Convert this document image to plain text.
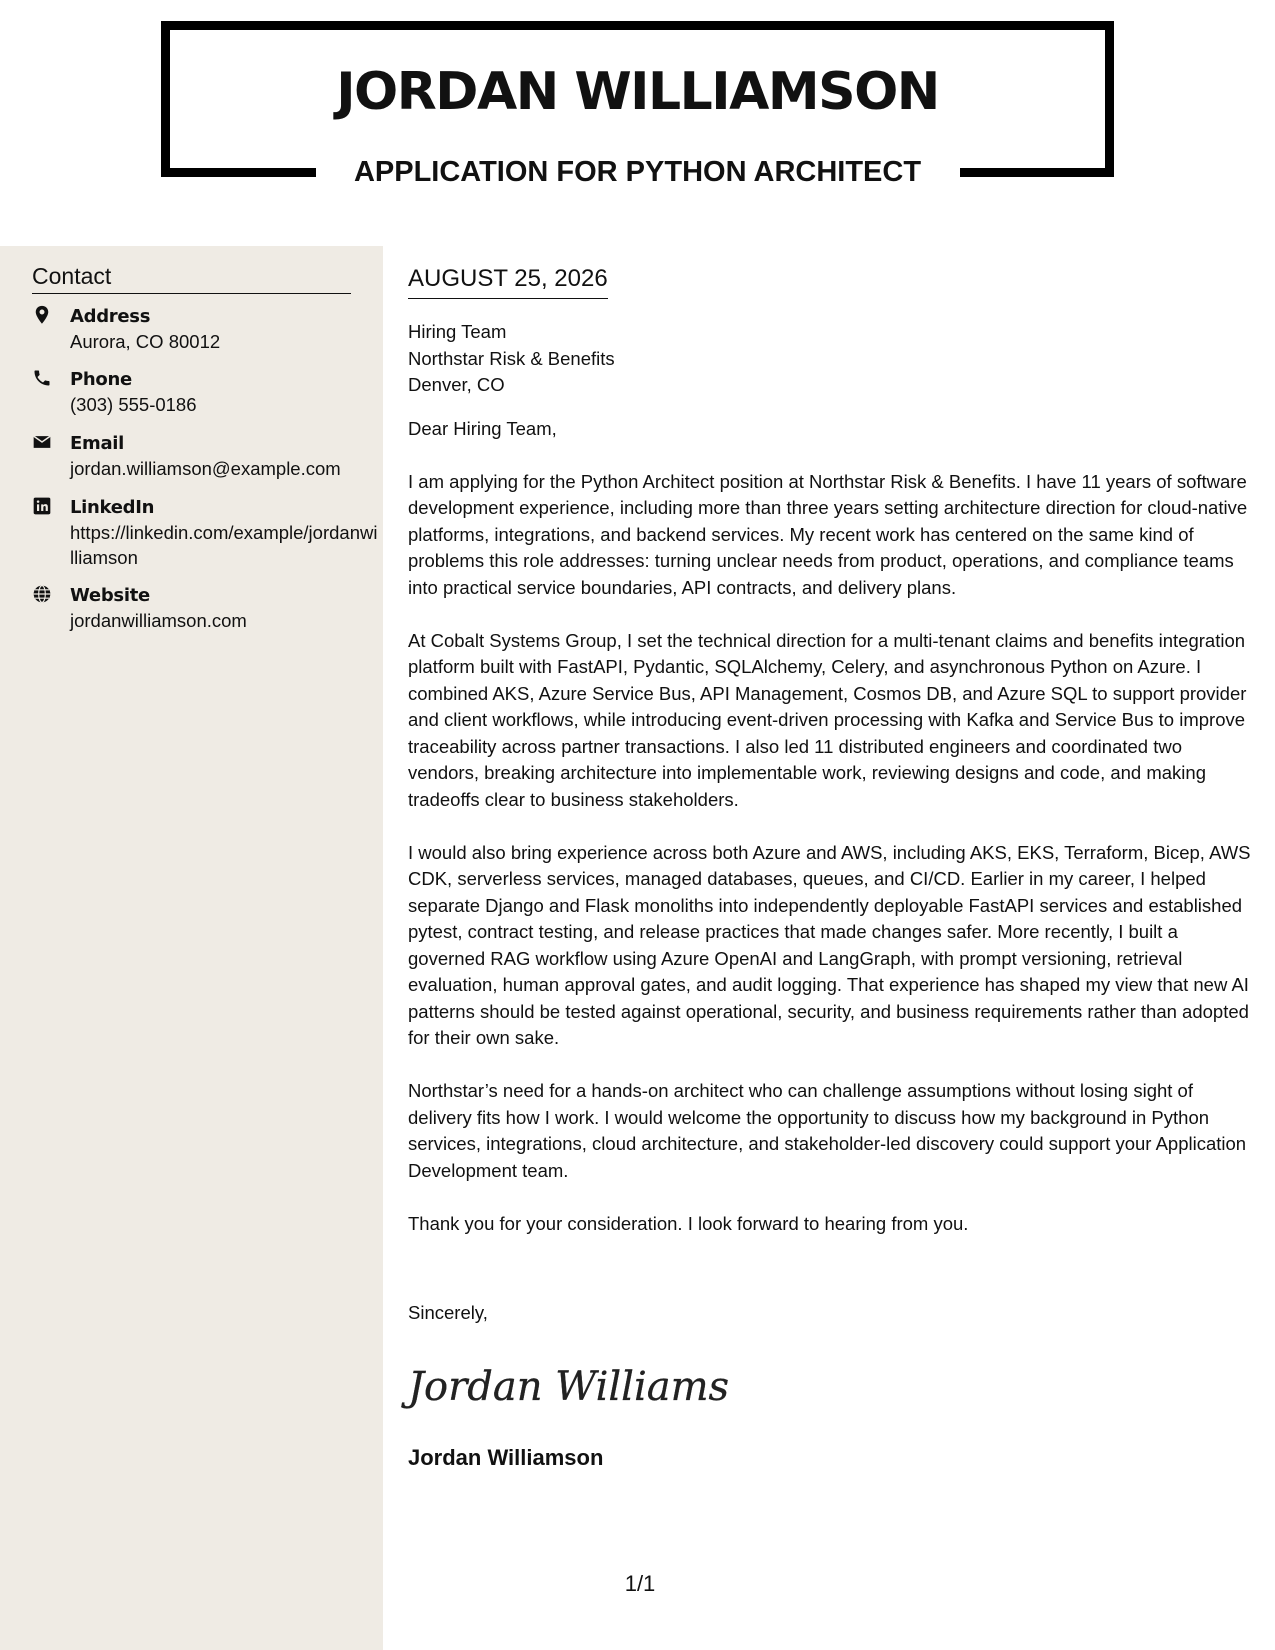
JORDAN WILLIAMSON
APPLICATION FOR PYTHON ARCHITECT
Contact
Address
Aurora, CO 80012
Phone
(303) 555-0186
Email
jordan.williamson@example.com
LinkedIn
https://linkedin.com/example/jordanwilliamson
Website
jordanwilliamson.com
AUGUST 25, 2026
Hiring Team
Northstar Risk & Benefits
Denver, CO
Dear Hiring Team,
I am applying for the Python Architect position at Northstar Risk & Benefits. I have 11 years of software development experience, including more than three years setting architecture direction for cloud-native platforms, integrations, and backend services. My recent work has centered on the same kind of problems this role addresses: turning unclear needs from product, operations, and compliance teams into practical service boundaries, API contracts, and delivery plans.
At Cobalt Systems Group, I set the technical direction for a multi-tenant claims and benefits integration platform built with FastAPI, Pydantic, SQLAlchemy, Celery, and asynchronous Python on Azure. I combined AKS, Azure Service Bus, API Management, Cosmos DB, and Azure SQL to support provider and client workflows, while introducing event-driven processing with Kafka and Service Bus to improve traceability across partner transactions. I also led 11 distributed engineers and coordinated two vendors, breaking architecture into implementable work, reviewing designs and code, and making tradeoffs clear to business stakeholders.
I would also bring experience across both Azure and AWS, including AKS, EKS, Terraform, Bicep, AWS CDK, serverless services, managed databases, queues, and CI/CD. Earlier in my career, I helped separate Django and Flask monoliths into independently deployable FastAPI services and established pytest, contract testing, and release practices that made changes safer. More recently, I built a governed RAG workflow using Azure OpenAI and LangGraph, with prompt versioning, retrieval evaluation, human approval gates, and audit logging. That experience has shaped my view that new AI patterns should be tested against operational, security, and business requirements rather than adopted for their own sake.
Northstar’s need for a hands-on architect who can challenge assumptions without losing sight of delivery fits how I work. I would welcome the opportunity to discuss how my background in Python services, integrations, cloud architecture, and stakeholder-led discovery could support your Application Development team.
Thank you for your consideration. I look forward to hearing from you.
Sincerely,
Jordan Williams
Jordan Williamson
1/1
